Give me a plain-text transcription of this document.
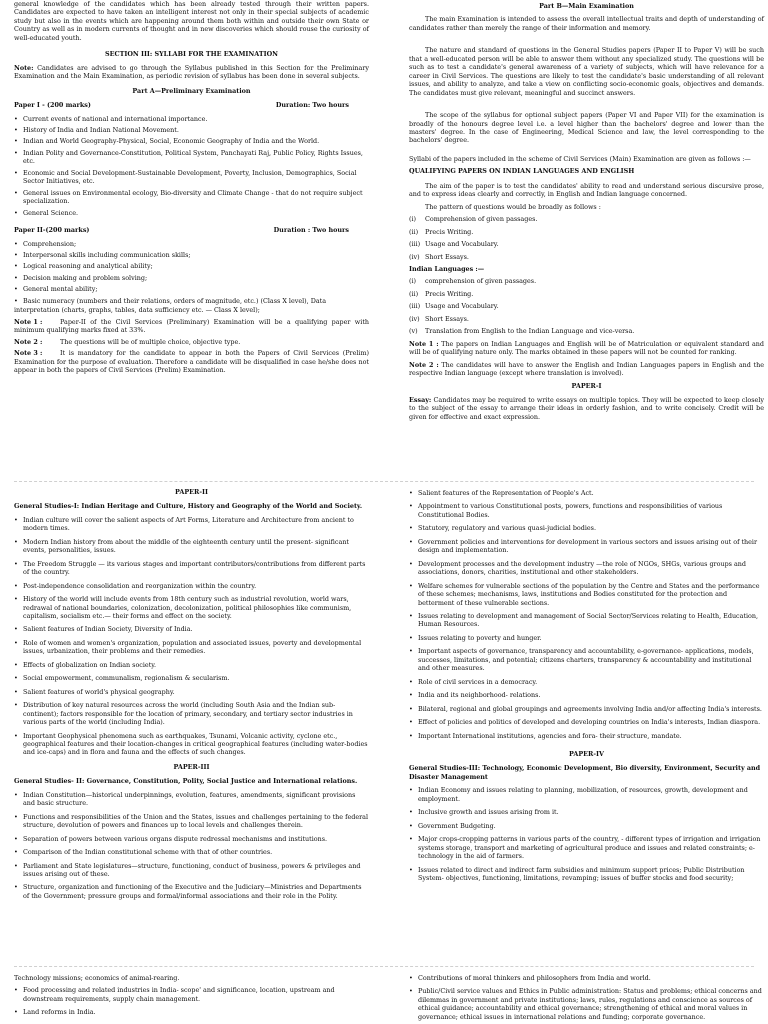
general knowledge of the candidates which has been already tested through their written papers. Candidates are expected to have taken an intelligent interest not only in their special subjects of academic study but also in the events which are happening around them both within and outside their own State or Country as well as in modern currents of thought and in new discoveries which should rouse the curiosity of well-educated youth.

SECTION III: SYLLABI FOR THE EXAMINATION

Note: Candidates are advised to go through the Syllabus published in this Section for the Preliminary Examination and the Main Examination, as periodic revision of syllabus has been done in several subjects.

Part A—Preliminary Examination
Paper I - (200 marks)	Duration: Two hours
• Current events of national and international importance.
• History of India and Indian National Movement.
• Indian and World Geography-Physical, Social, Economic Geography of India and the World.
• Indian Polity and Governance-Constitution, Political System, Panchayati Raj, Public Policy, Rights Issues, etc.
• Economic and Social Development-Sustainable Development, Poverty, Inclusion, Demographics, Social Sector Initiatives, etc.
• General issues on Environmental ecology, Bio-diversity and Climate Change - that do not require subject specialization.
• General Science.
Paper II-(200 marks)	Duration : Two hours
• Comprehension;
• Interpersonal skills including communication skills;
• Logical reasoning and analytical ability;
• Decision making and problem solving;
• General mental ability;
• Basic numeracy (numbers and their relations, orders of magnitude, etc.) (Class X level), Data
interpretation (charts, graphs, tables, data sufficiency etc. — Class X level);
Note 1 :	Paper-II of the Civil Services (Preliminary) Examination will be a qualifying paper with minimum qualifying marks fixed at 33%.
Note 2 :	The questions will be of multiple choice, objective type.
Note 3 :	It is mandatory for the candidate to appear in both the Papers of Civil Services (Prelim) Examination for the purpose of evaluation. Therefore a candidate will be disqualified in case he/she does not appear in both the papers of Civil Services (Prelim) Examination.
Part B—Main Examination

The main Examination is intended to assess the overall intellectual traits and depth of understanding of candidates rather than merely the range of their information and memory.

The nature and standard of questions in the General Studies papers (Paper II to Paper V) will be such that a well-educated person will be able to answer them without any specialized study. The questions will be such as to test a candidate's general awareness of a variety of subjects, which will have relevance for a career in Civil Services. The questions are likely to test the candidate's basic understanding of all relevant issues, and ability to analyze, and take a view on conflicting socio-economic goals, objectives and demands. The candidates must give relevant, meaningful and succinct answers.

The scope of the syllabus for optional subject papers (Paper VI and Paper VII) for the examination is broadly of the honours degree level i.e. a level higher than the bachelors' degree and lower than the masters' degree. In the case of Engineering, Medical Science and law, the level corresponding to the bachelors' degree.

Syllabi of the papers included in the scheme of Civil Services (Main) Examination are given as follows :—

QUALIFYING PAPERS ON INDIAN LANGUAGES AND ENGLISH

The aim of the paper is to test the candidates' ability to read and understand serious discursive prose, and to express ideas clearly and correctly, in English and Indian language concerned.

The pattern of questions would be broadly as follows :

(i)	Comprehension of given passages.
(ii)	Precis Writing.
(iii) Usage and Vocabulary.
(iv) Short Essays.
Indian Languages :—
(i)	comprehension of given passages.
(ii)	Precis Writing.
(iii) Usage and Vocabulary.
(iv) Short Essays.
(v)	Translation from English to the Indian Language and vice-versa.

Note 1 : The papers on Indian Languages and English will be of Matriculation or equivalent standard and will be of qualifying nature only. The marks obtained in these papers will not be counted for ranking.

Note 2 : The candidates will have to answer the English and Indian Languages papers in English and the respective Indian language (except where translation is involved).

PAPER-I

Essay: Candidates may be required to write essays on multiple topics. They will be expected to keep closely to the subject of the essay to arrange their ideas in orderly fashion, and to write concisely. Credit will be given for effective and exact expression.

PAPER-II
General Studies-I: Indian Heritage and Culture, History and Geography of the World and Society.
• Indian culture will cover the salient aspects of Art Forms, Literature and Architecture from ancient to modern times.
• Modern Indian history from about the middle of the eighteenth century until the present- significant events, personalities, issues.
• The Freedom Struggle — its various stages and important contributors/contributions from different parts of the country.
• Post-independence consolidation and reorganization within the country.
• History of the world will include events from 18th century such as industrial revolution, world wars, redrawal of national boundaries, colonization, decolonization, political philosophies like communism, capitalism, socialism etc.— their forms and effect on the society.
• Salient features of Indian Society, Diversity of India.
• Role of women and women's organization, population and associated issues, poverty and developmental issues, urbanization, their problems and their remedies.
• Effects of globalization on Indian society.
• Social empowerment, communalism, regionalism & secularism.
• Salient features of world's physical geography.
• Distribution of key natural resources across the world (including South Asia and the Indian sub-continent); factors responsible for the location of primary, secondary, and tertiary sector industries in various parts of the world (including India).
• Important Geophysical phenomena such as earthquakes, Tsunami, Volcanic activity, cyclone etc., geographical features and their location-changes in critical geographical features (including water-bodies and ice-caps) and in flora and fauna and the effects of such changes.
PAPER-III
General Studies- II: Governance, Constitution, Polity, Social Justice and International relations.
• Indian Constitution—historical underpinnings, evolution, features, amendments, significant provisions and basic structure.
• Functions and responsibilities of the Union and the States, issues and challenges pertaining to the federal structure, devolution of powers and finances up to local levels and challenges therein.
• Separation of powers between various organs dispute redressal mechanisms and institutions.
• Comparison of the Indian constitutional scheme with that of other countries.
• Parliament and State legislatures—structure, functioning, conduct of business, powers & privileges and issues arising out of these.
• Structure, organization and functioning of the Executive and the Judiciary—Ministries and Departments of the Government; pressure groups and formal/informal associations and their role in the Polity.
• Salient features of the Representation of People's Act.
• Appointment to various Constitutional posts, powers, functions and responsibilities of various Constitutional Bodies.
• Statutory, regulatory and various quasi-judicial bodies.
• Government policies and interventions for development in various sectors and issues arising out of their design and implementation.
• Development processes and the development industry —the role of NGOs, SHGs, various groups and associations, donors, charities, institutional and other stakeholders.
• Welfare schemes for vulnerable sections of the population by the Centre and States and the performance of these schemes; mechanisms, laws, institutions and Bodies constituted for the protection and betterment of these vulnerable sections.
• Issues relating to development and management of Social Sector/Services relating to Health, Education, Human Resources.
• Issues relating to poverty and hunger.
• Important aspects of governance, transparency and accountability, e-governance- applications, models, successes, limitations, and potential; citizens charters, transparency & accountability and institutional and other measures.
• Role of civil services in a democracy.
• India and its neighborhood- relations.
• Bilateral, regional and global groupings and agreements involving India and/or affecting India's interests.
• Effect of policies and politics of developed and developing countries on India's interests, Indian diaspora.
• Important International institutions, agencies and fora- their structure, mandate.
PAPER-IV
General Studies-III: Technology, Economic Development, Bio diversity, Environment, Security and Disaster Management
• Indian Economy and issues relating to planning, mobilization, of resources, growth, development and employment.
• Inclusive growth and issues arising from it.
• Government Budgeting.
• Major crops-cropping patterns in various parts of the country, - different types of irrigation and irrigation systems storage, transport and marketing of agricultural produce and issues and related constraints; e-technology in the aid of farmers.
• Issues related to direct and indirect farm subsidies and minimum support prices; Public Distribution System- objectives, functioning, limitations, revamping; issues of buffer stocks and food security;

Technology missions; economics of animal-rearing.

• Food processing and related industries in India- scope' and significance, location, upstream and downstream requirements, supply chain management.
• Land reforms in India.
• Contributions of moral thinkers and philosophers from India and world.
• Public/Civil service values and Ethics in Public administration: Status and problems; ethical concerns and dilemmas in government and private institutions; laws, rules, regulations and conscience as sources of ethical guidance; accountability and ethical governance; strengthening of ethical and moral values in governance; ethical issues in international relations and funding; corporate governance.
